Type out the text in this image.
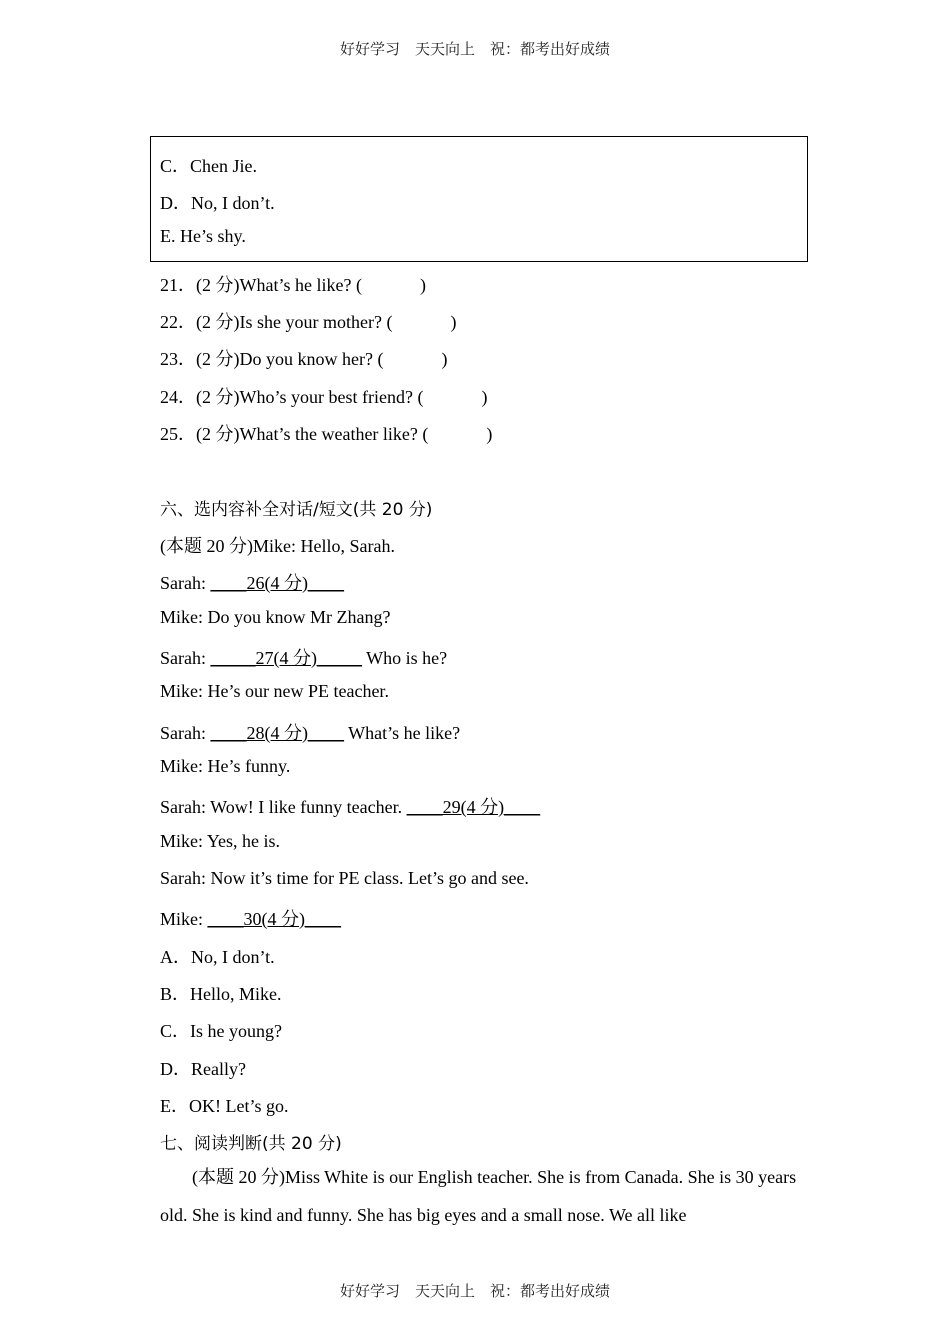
好好学习　天天向上　祝：都考出好成绩
C．Chen Jie.
D．No, I don’t.
E. He’s shy.
21．(2 分)What’s he like? (	)
22．(2 分)Is she your mother? (	)
23．(2 分)Do you know her? (	)
24．(2 分)Who’s your best friend? (	)
25．(2 分)What’s the weather like? (	)
六、选内容补全对话/短文(共 20 分)
(本题 20 分)Mike: Hello, Sarah.
Sarah: ____26(4 分)____
Mike: Do you know Mr Zhang?
Sarah: _____27(4 分)_____ Who is he?
Mike: He’s our new PE teacher.
Sarah: ____28(4 分)____ What’s he like?
Mike: He’s funny.
Sarah: Wow! I like funny teacher. ____29(4 分)____
Mike: Yes, he is.
Sarah: Now it’s time for PE class. Let’s go and see.
Mike: ____30(4 分)____
A．No, I don’t.
B．Hello, Mike.
C．Is he young?
D．Really?
E．OK! Let’s go.
七、阅读判断(共 20 分)
(本题 20 分)Miss White is our English teacher. She is from Canada. She is 30 years old. She is kind and funny. She has big eyes and a small nose. We all like
好好学习　天天向上　祝：都考出好成绩
